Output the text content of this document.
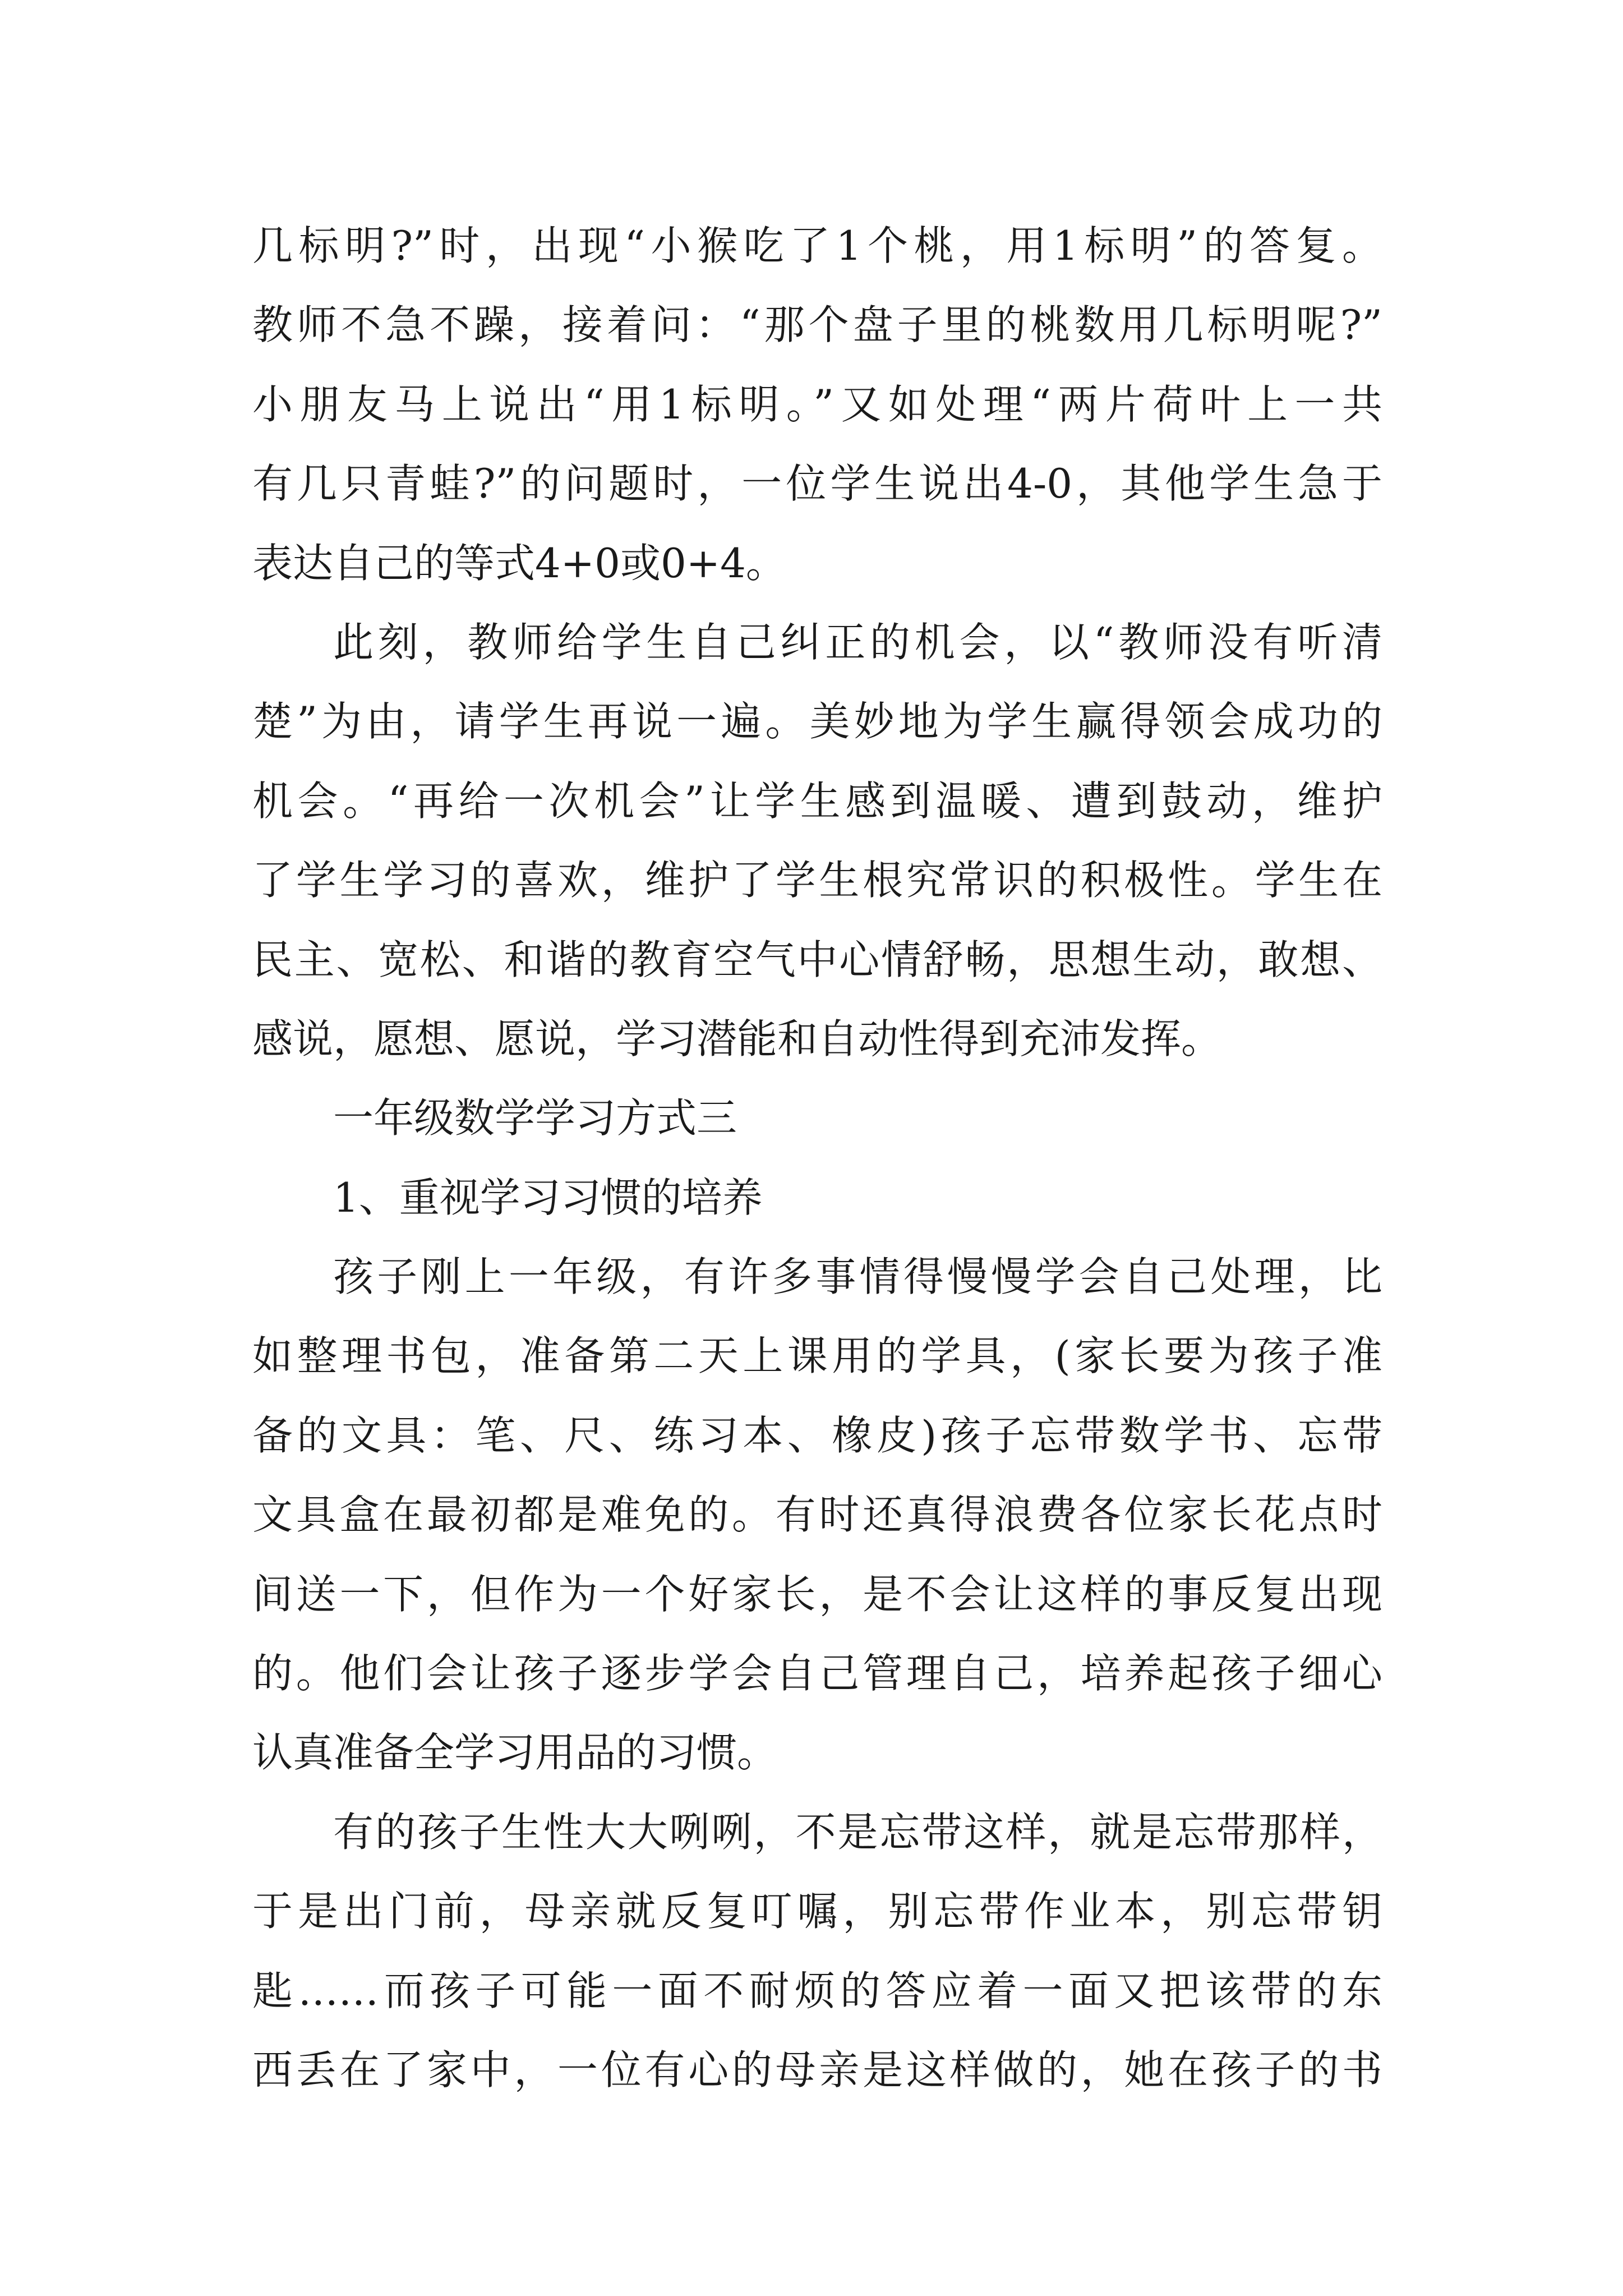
几标明?”时，出现“小猴吃了1个桃，用1标明”的答复。
教师不急不躁，接着问：“那个盘子里的桃数用几标明呢?”
小朋友马上说出“用1标明。”又如处理“两片荷叶上一共
有几只青蛙?”的问题时，一位学生说出4-0，其他学生急于
表达自己的等式4+0或0+4。
此刻，教师给学生自己纠正的机会，以“教师没有听清
楚”为由，请学生再说一遍。美妙地为学生赢得领会成功的
机会。“再给一次机会”让学生感到温暖、遭到鼓动，维护
了学生学习的喜欢，维护了学生根究常识的积极性。学生在
民主、宽松、和谐的教育空气中心情舒畅，思想生动，敢想、
感说，愿想、愿说，学习潜能和自动性得到充沛发挥。
一年级数学学习方式三
1、重视学习习惯的培养
孩子刚上一年级，有许多事情得慢慢学会自己处理，比
如整理书包，准备第二天上课用的学具，(家长要为孩子准
备的文具：笔、尺、练习本、橡皮)孩子忘带数学书、忘带
文具盒在最初都是难免的。有时还真得浪费各位家长花点时
间送一下，但作为一个好家长，是不会让这样的事反复出现
的。他们会让孩子逐步学会自己管理自己，培养起孩子细心
认真准备全学习用品的习惯。
有的孩子生性大大咧咧，不是忘带这样，就是忘带那样，
于是出门前，母亲就反复叮嘱，别忘带作业本，别忘带钥
匙……而孩子可能一面不耐烦的答应着一面又把该带的东
西丢在了家中，一位有心的母亲是这样做的，她在孩子的书
